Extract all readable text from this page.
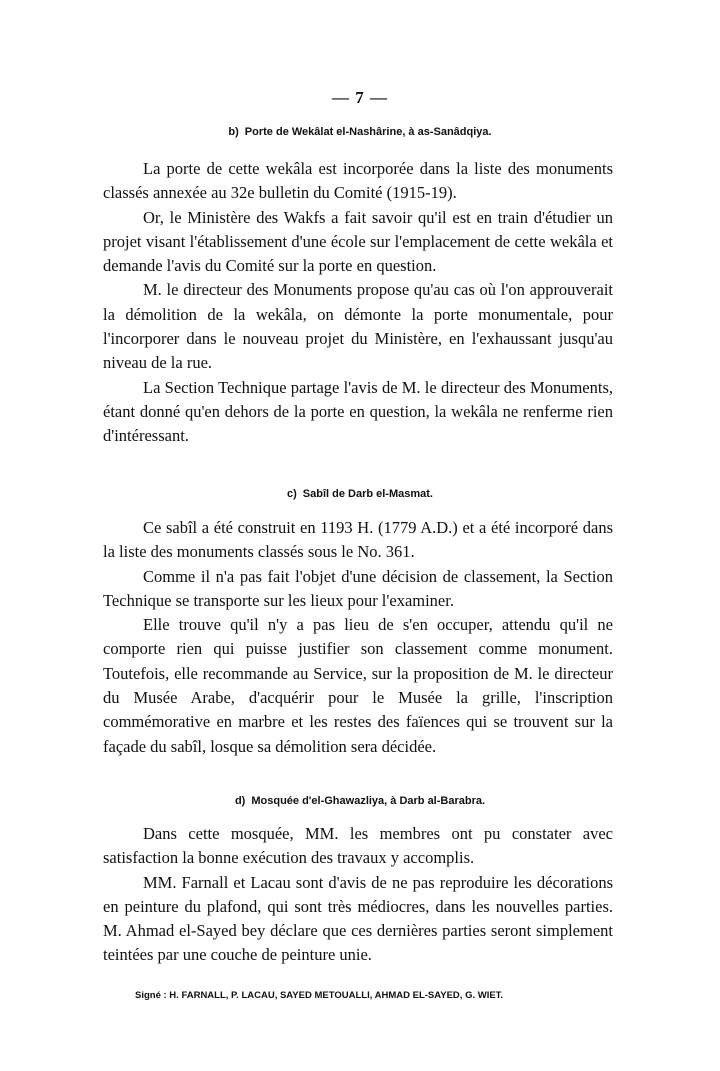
— 7 —
b) Porte de Wekâlat el-Nashârine, à as-Sanâdqiya.

La porte de cette wekâla est incorporée dans la liste des monuments classés annexée au 32e bulletin du Comité (1915-19).

Or, le Ministère des Wakfs a fait savoir qu'il est en train d'étudier un projet visant l'établissement d'une école sur l'emplacement de cette wekâla et demande l'avis du Comité sur la porte en question.

M. le directeur des Monuments propose qu'au cas où l'on approuverait la démolition de la wekâla, on démonte la porte monumentale, pour l'incorporer dans le nouveau projet du Ministère, en l'exhaussant jusqu'au niveau de la rue.

La Section Technique partage l'avis de M. le directeur des Monuments, étant donné qu'en dehors de la porte en question, la wekâla ne renferme rien d'intéressant.

c) Sabîl de Darb el-Masmat.

Ce sabîl a été construit en 1193 H. (1779 A.D.) et a été incorporé dans la liste des monuments classés sous le No. 361.

Comme il n'a pas fait l'objet d'une décision de classement, la Section Technique se transporte sur les lieux pour l'examiner.

Elle trouve qu'il n'y a pas lieu de s'en occuper, attendu qu'il ne comporte rien qui puisse justifier son classement comme monument. Toutefois, elle recommande au Service, sur la proposition de M. le directeur du Musée Arabe, d'acquérir pour le Musée la grille, l'inscription commémorative en marbre et les restes des faïences qui se trouvent sur la façade du sabîl, losque sa démolition sera décidée.

d) Mosquée d'el-Ghawazliya, à Darb al-Barabra.

Dans cette mosquée, MM. les membres ont pu constater avec satisfaction la bonne exécution des travaux y accomplis.

MM. Farnall et Lacau sont d'avis de ne pas reproduire les décorations en peinture du plafond, qui sont très médiocres, dans les nouvelles parties. M. Ahmad el-Sayed bey déclare que ces dernières parties seront simplement teintées par une couche de peinture unie.

Signé : H. FARNALL, P. LACAU, SAYED METOUALLI, AHMAD EL-SAYED, G. WIET.
